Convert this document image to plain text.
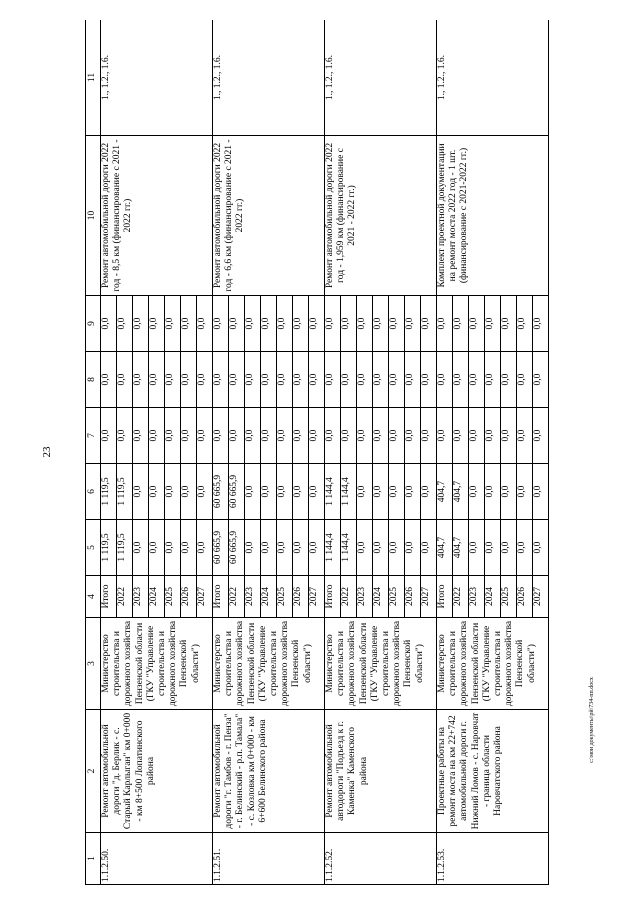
23
1	2	3	4	5	6	7	8	9	10	11
1.1.2.50.	Ремонт автомобильной дороги "д. Берлик - с. Старый Карлыган" км 0+000 - км 8+500 Лопатинского района	Министерство строительства и дорожного хозяйства Пензенской области (ГКУ "Управление строительства и дорожного хозяйства Пензенской области")	Итого	1 119,5	1 119,5	0,0	0,0	0,0	Ремонт автомобильной дороги 2022 год - 8,5 км (финансирование с 2021 - 2022 гг.)	1., 1.2., 1.6.
			2022	1 119,5	1 119,5	0,0	0,0	0,0		
			2023	0,0	0,0	0,0	0,0	0,0		
			2024	0,0	0,0	0,0	0,0	0,0		
			2025	0,0	0,0	0,0	0,0	0,0		
			2026	0,0	0,0	0,0	0,0	0,0		
			2027	0,0	0,0	0,0	0,0	0,0		
1.1.2.51.	Ремонт автомобильной дороги "г. Тамбов - г. Пенза" - г. Белинский - р.п. Тамала" - с. Козловка км 0+000 - км 6+600 Белинского района	Министерство строительства и дорожного хозяйства Пензенской области (ГКУ "Управление строительства и дорожного хозяйства Пензенской области")	Итого	60 665,9	60 665,9	0,0	0,0	0,0	Ремонт автомобильной дороги 2022 год - 6,6 км (финансирование с 2021 - 2022 гг.)	1., 1.2., 1.6.
			2022	60 665,9	60 665,9	0,0	0,0	0,0		
			2023	0,0	0,0	0,0	0,0	0,0		
			2024	0,0	0,0	0,0	0,0	0,0		
			2025	0,0	0,0	0,0	0,0	0,0		
			2026	0,0	0,0	0,0	0,0	0,0		
			2027	0,0	0,0	0,0	0,0	0,0		
1.1.2.52.	Ремонт автомобильной автодороги "Подъезд к г. Каменка" Каменского района	Министерство строительства и дорожного хозяйства Пензенской области (ГКУ "Управление строительства и дорожного хозяйства Пензенской области")	Итого	1 144,4	1 144,4	0,0	0,0	0,0	Ремонт автомобильной дороги 2022 год - 1,959 км (финансирование с 2021 - 2022 гг.)	1., 1.2., 1.6.
			2022	1 144,4	1 144,4	0,0	0,0	0,0		
			2023	0,0	0,0	0,0	0,0	0,0		
			2024	0,0	0,0	0,0	0,0	0,0		
			2025	0,0	0,0	0,0	0,0	0,0		
			2026	0,0	0,0	0,0	0,0	0,0		
			2027	0,0	0,0	0,0	0,0	0,0		
1.1.2.53.	Проектные работы на ремонт моста на км 22+742 автомобильной дороги г. Нижний Ломов - с. Наровчат - граница области Наровчатского района	Министерство строительства и дорожного хозяйства Пензенской области (ГКУ "Управление строительства и дорожного хозяйства Пензенской области")	Итого	404,7	404,7	0,0	0,0	0,0	Комплект проектной документации на ремонт моста 2022 год - 1 шт. (финансирование с 2021-2022 гг.)	1., 1.2., 1.6.
			2022	404,7	404,7	0,0	0,0	0,0		
			2023	0,0	0,0	0,0	0,0	0,0		
			2024	0,0	0,0	0,0	0,0	0,0		
			2025	0,0	0,0	0,0	0,0	0,0		
			2026	0,0	0,0	0,0	0,0	0,0		
			2027	0,0	0,0	0,0	0,0	0,0		
c:\мои документы\рй\734-пп.docx
